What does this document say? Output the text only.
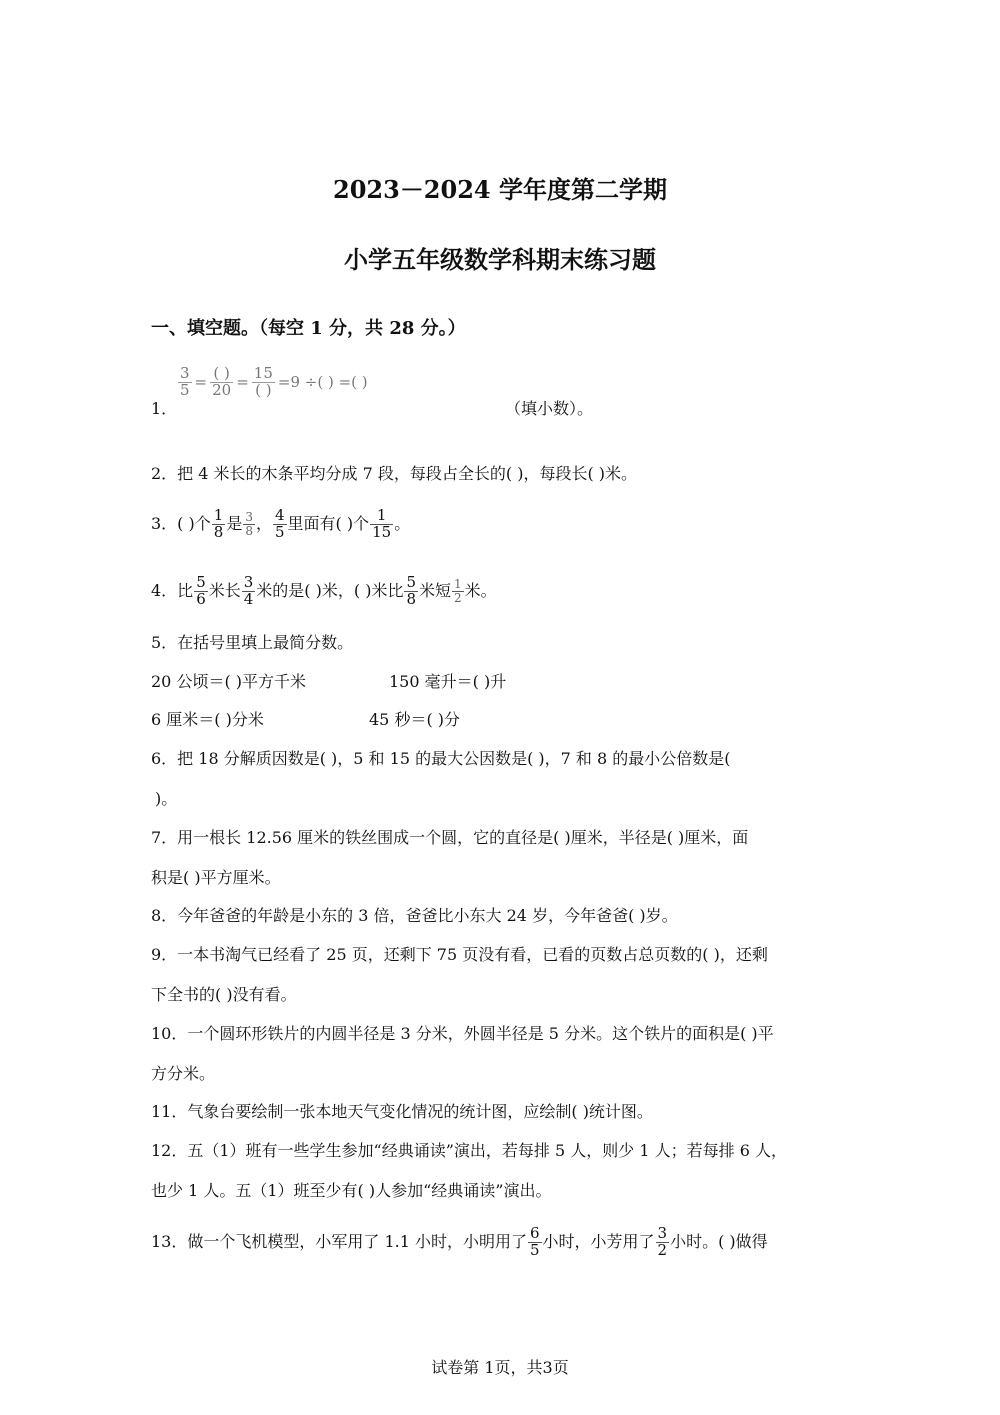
2023－2024 学年度第二学期
小学五年级数学科期末练习题
一、填空题。（每空 1 分，共 28 分。）
1．
$\frac{3}{5} = \frac{( )}{20} = \frac{15}{( )} =9$ ÷( ) =( )
（填小数）。
2．把 4 米长的木条平均分成 7 段，每段占全长的( )，每段长( )米。
3．( )个 $\frac{1}{8}$ 是 $\frac{3}{8}$ ， $\frac{4}{5}$ 里面有( )个 $\frac{1}{15}$ 。
4．比 $\frac{5}{6}$ 米长 $\frac{3}{4}$ 米的是( )米，( )米比 $\frac{5}{8}$ 米短 $\frac{1}{2}$ 米。
5．在括号里填上最简分数。
20 公顷＝( )平方千米	150 毫升＝( )升
6 厘米＝( )分米	45 秒＝( )分
6．把 18 分解质因数是( )，5 和 15 的最大公因数是( )，7 和 8 的最小公倍数是(
)。
7．用一根长 12.56 厘米的铁丝围成一个圆，它的直径是( )厘米，半径是( )厘米，面
积是( )平方厘米。
8．今年爸爸的年龄是小东的 3 倍，爸爸比小东大 24 岁，今年爸爸( )岁。
9．一本书淘气已经看了 25 页，还剩下 75 页没有看，已看的页数占总页数的( )，还剩
下全书的( )没有看。
10．一个圆环形铁片的内圆半径是 3 分米，外圆半径是 5 分米。这个铁片的面积是( )平
方分米。
11．气象台要绘制一张本地天气变化情况的统计图，应绘制( )统计图。
12．五（1）班有一些学生参加“经典诵读”演出，若每排 5 人，则少 1 人；若每排 6 人，
也少 1 人。五（1）班至少有( )人参加“经典诵读”演出。
13．做一个飞机模型，小军用了 1.1 小时，小明用了 $\frac{6}{5}$ 小时，小芳用了 $\frac{3}{2}$ 小时。( )做得
试卷第 1页，共3页
